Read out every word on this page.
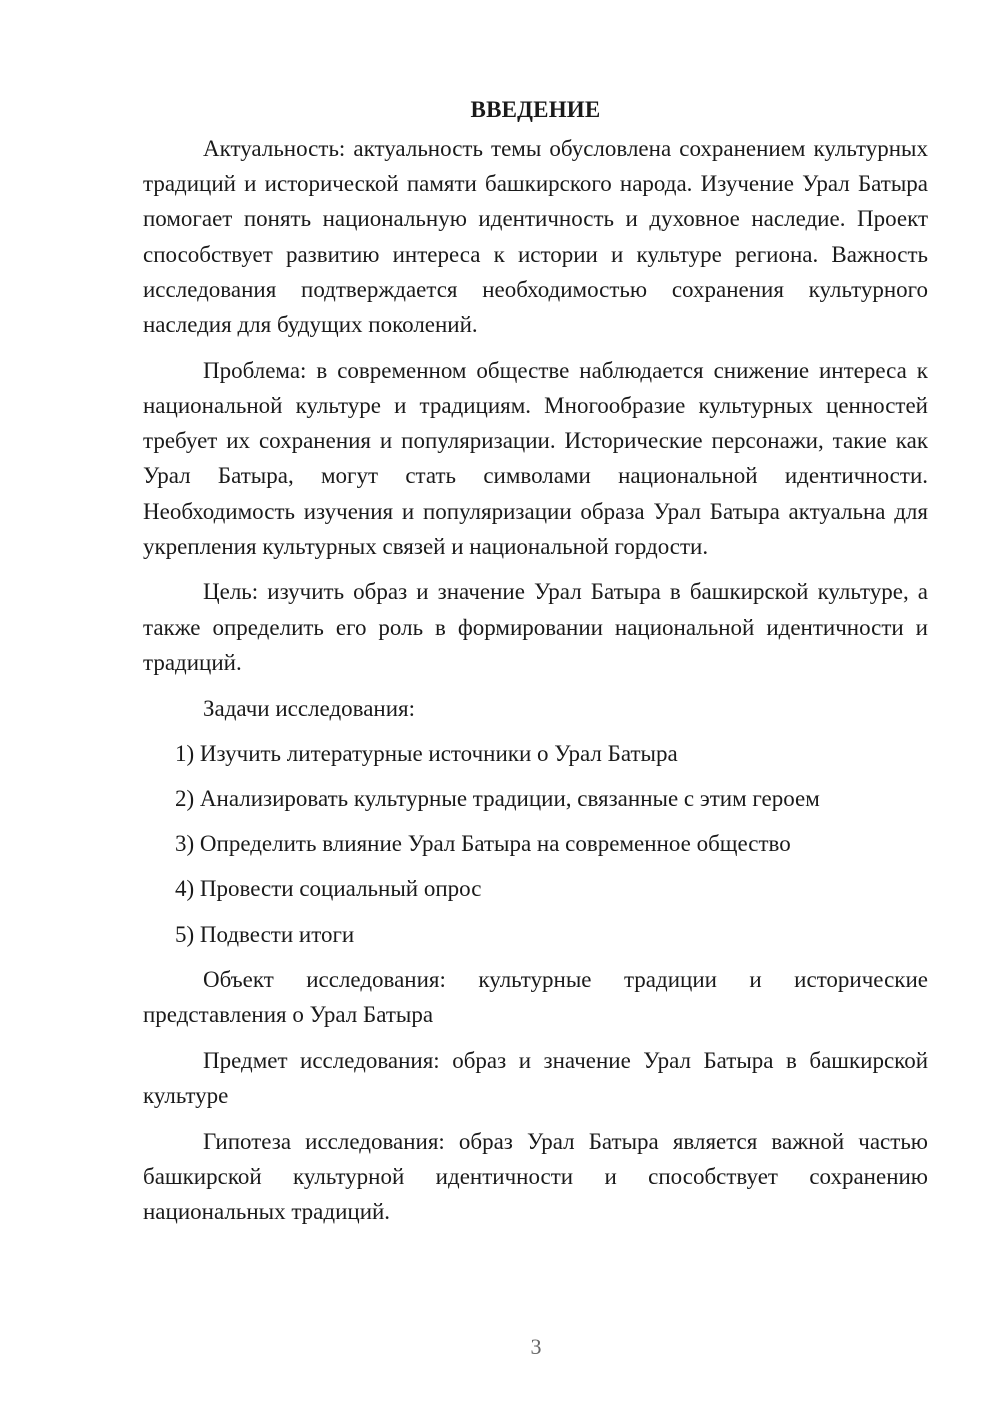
ВВЕДЕНИЕ

Актуальность: актуальность темы обусловлена сохранением культурных традиций и исторической памяти башкирского народа. Изучение Урал Батыра помогает понять национальную идентичность и духовное наследие. Проект способствует развитию интереса к истории и культуре региона. Важность исследования подтверждается необходимостью сохранения культурного наследия для будущих поколений.

Проблема: в современном обществе наблюдается снижение интереса к национальной культуре и традициям. Многообразие культурных ценностей требует их сохранения и популяризации. Исторические персонажи, такие как Урал Батыра, могут стать символами национальной идентичности. Необходимость изучения и популяризации образа Урал Батыра актуальна для укрепления культурных связей и национальной гордости.

Цель: изучить образ и значение Урал Батыра в башкирской культуре, а также определить его роль в формировании национальной идентичности и традиций.

Задачи исследования:

1) Изучить литературные источники о Урал Батыра
2) Анализировать культурные традиции, связанные с этим героем
3) Определить влияние Урал Батыра на современное общество
4) Провести социальный опрос
5) Подвести итоги

Объект исследования: культурные традиции и исторические представления о Урал Батыра

Предмет исследования: образ и значение Урал Батыра в башкирской культуре

Гипотеза исследования: образ Урал Батыра является важной частью башкирской культурной идентичности и способствует сохранению национальных традиций.

3
